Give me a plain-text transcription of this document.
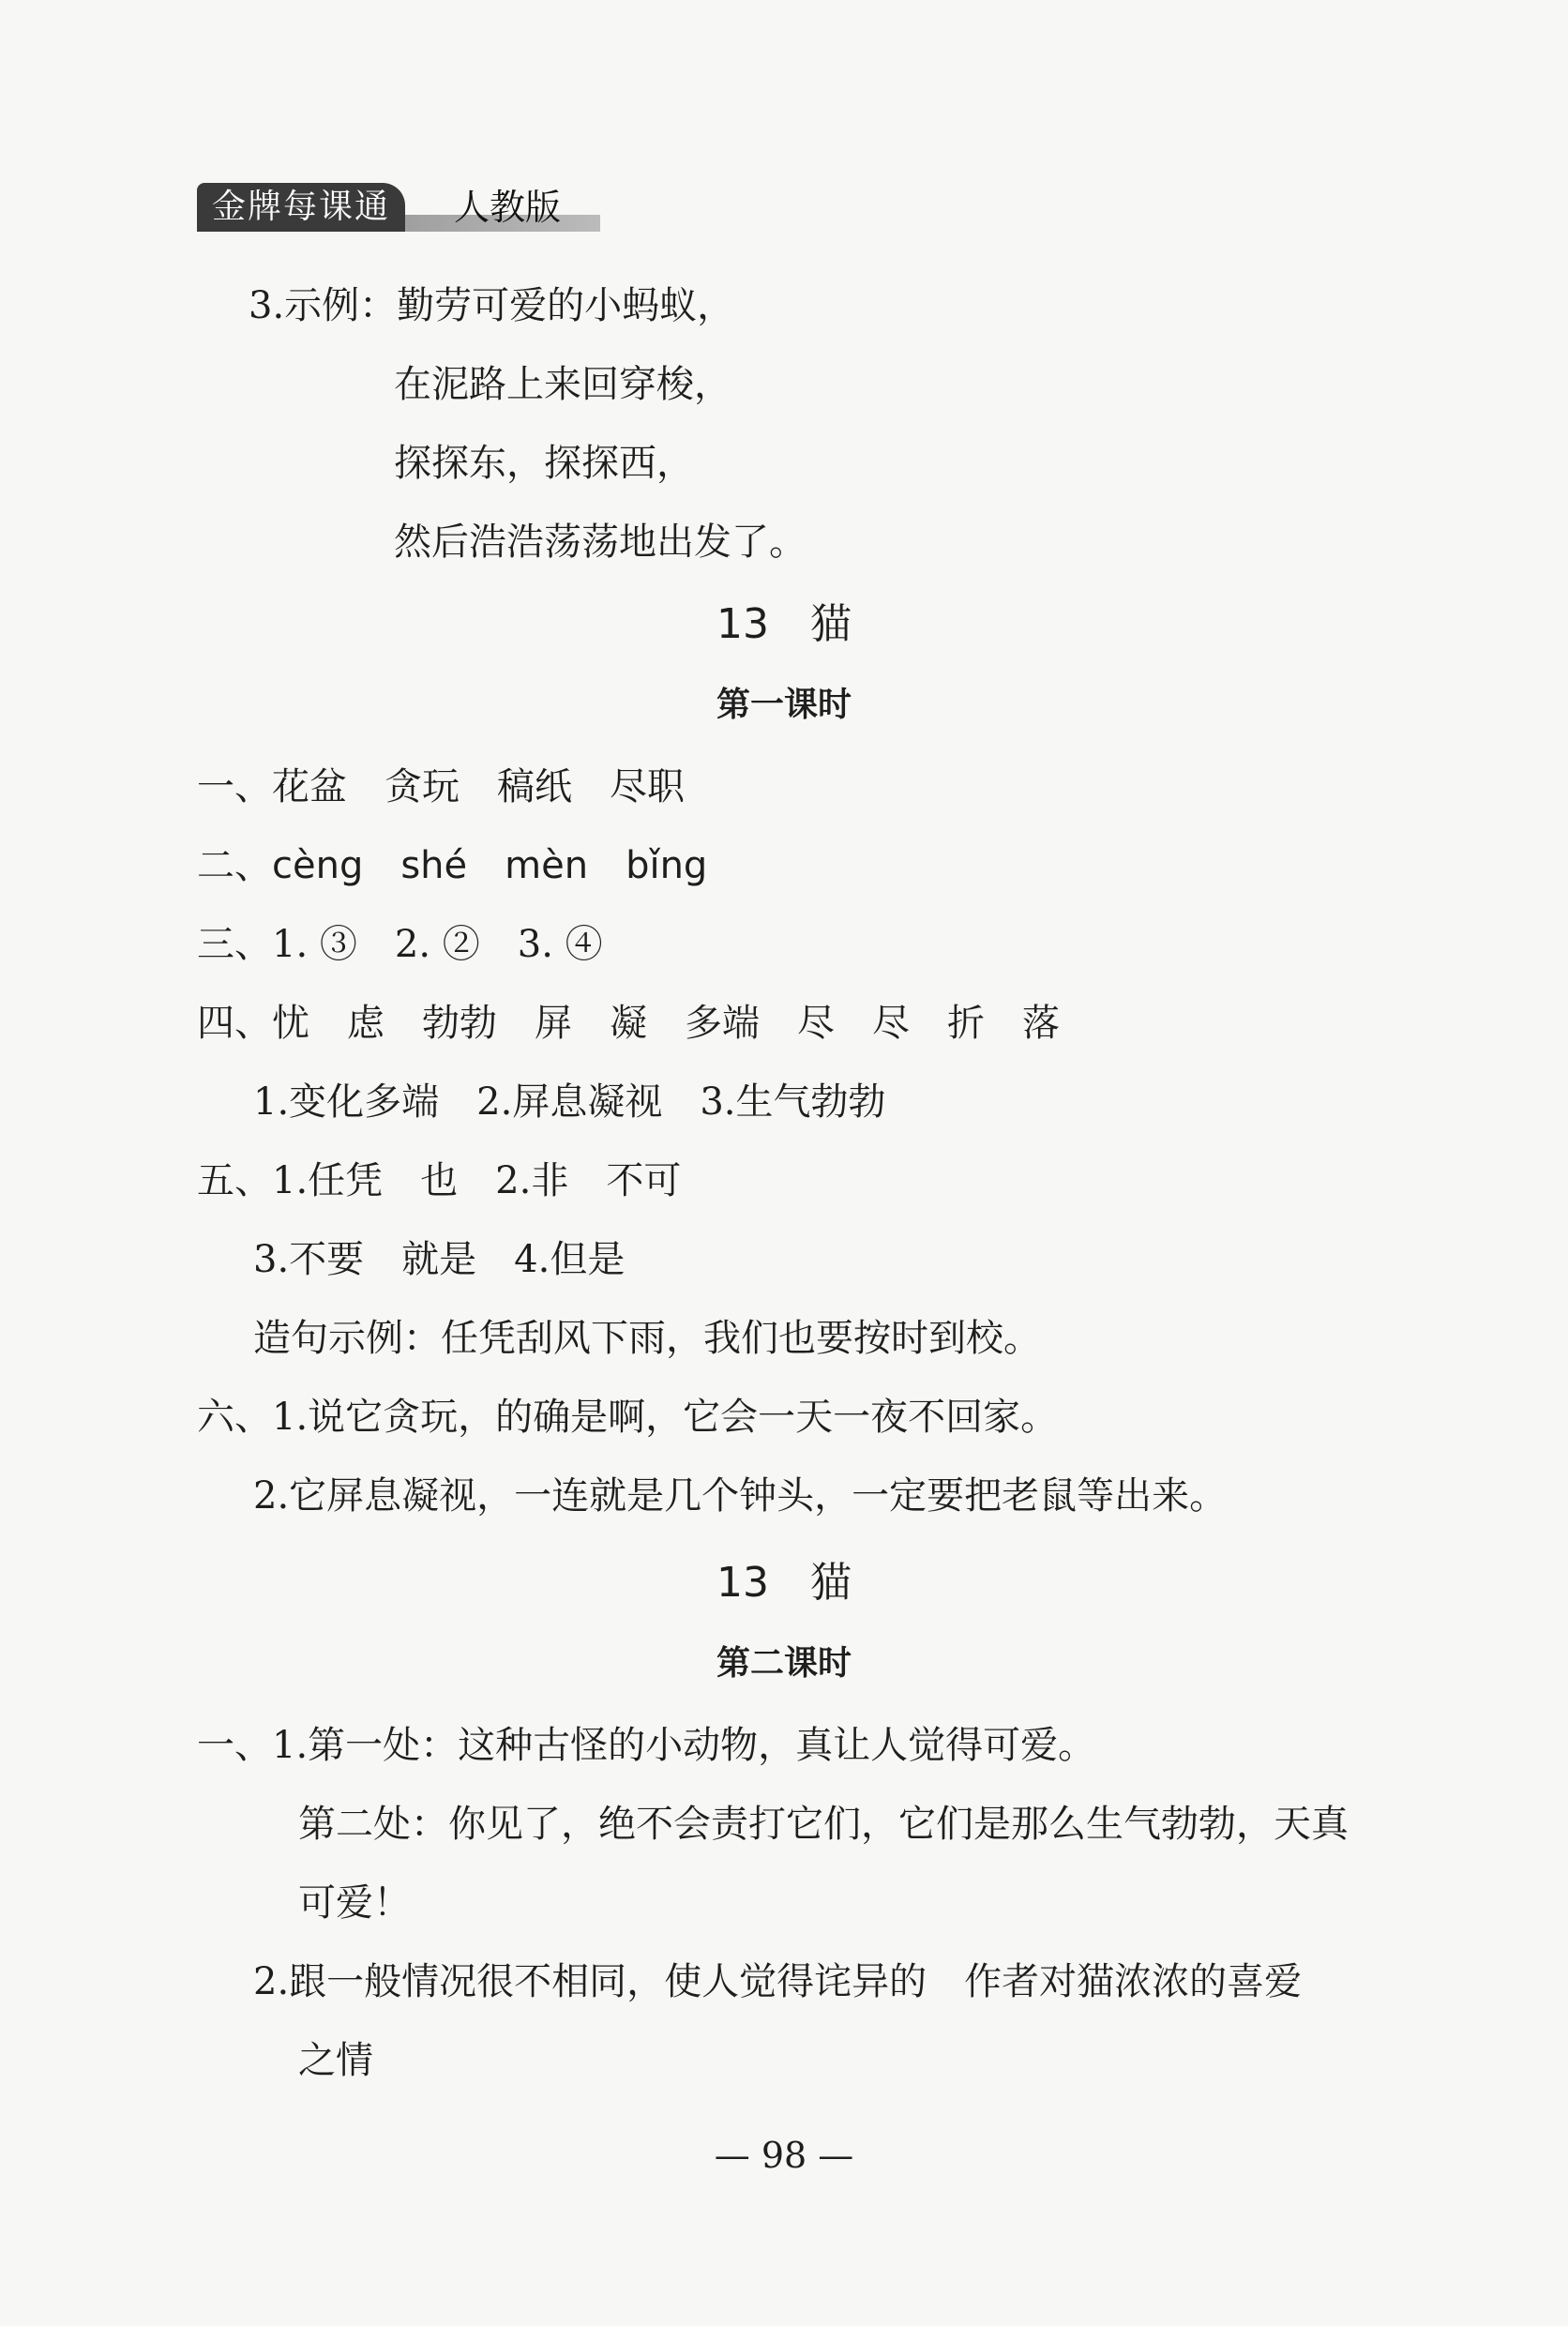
金牌每课通	人教版
3.示例：勤劳可爱的小蚂蚁，
在泥路上来回穿梭，
探探东，探探西，
然后浩浩荡荡地出发了。
13　猫
第一课时
一、花盆　贪玩　稿纸　尽职
二、cèng　shé　mèn　bǐng
三、1. ③　2. ②　3. ④
四、忧　虑　勃勃　屏　凝　多端　尽　尽　折　落
1.变化多端　2.屏息凝视　3.生气勃勃
五、1.任凭　也　2.非　不可
3.不要　就是　4.但是
造句示例：任凭刮风下雨，我们也要按时到校。
六、1.说它贪玩，的确是啊，它会一天一夜不回家。
2.它屏息凝视，一连就是几个钟头，一定要把老鼠等出来。
13　猫
第二课时
一、1.第一处：这种古怪的小动物，真让人觉得可爱。
第二处：你见了，绝不会责打它们，它们是那么生气勃勃，天真
可爱！
2.跟一般情况很不相同，使人觉得诧异的　作者对猫浓浓的喜爱
之情
— 98 —
